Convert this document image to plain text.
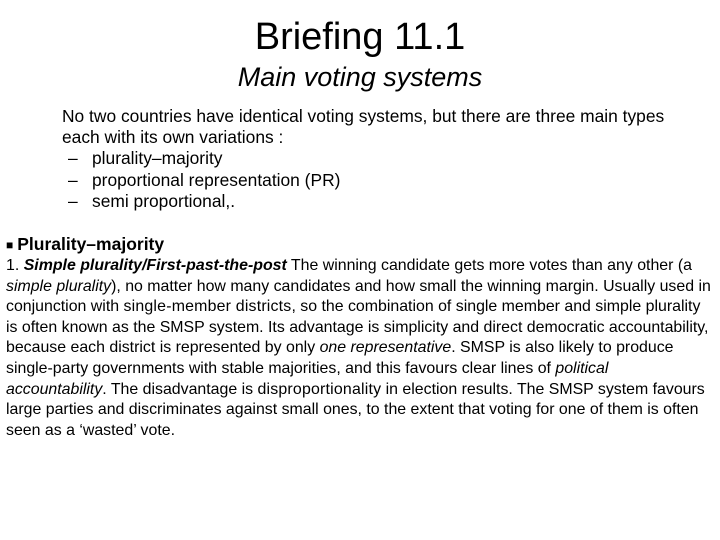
Briefing 11.1
Main voting systems
No two countries have identical voting systems, but there are three main types each with its own variations :
– plurality–majority
– proportional representation (PR)
– semi proportional,.
■ Plurality–majority

1. Simple plurality/First-past-the-post The winning candidate gets more votes than any other (a simple plurality), no matter how many candidates and how small the winning margin. Usually used in conjunction with single-member districts, so the combination of single member and simple plurality is often known as the SMSP system. Its advantage is simplicity and direct democratic accountability, because each district is represented by only one representative. SMSP is also likely to produce single-party governments with stable majorities, and this favours clear lines of political accountability. The disadvantage is disproportionality in election results. The SMSP system favours large parties and discriminates against small ones, to the extent that voting for one of them is often seen as a ‘wasted’ vote.
